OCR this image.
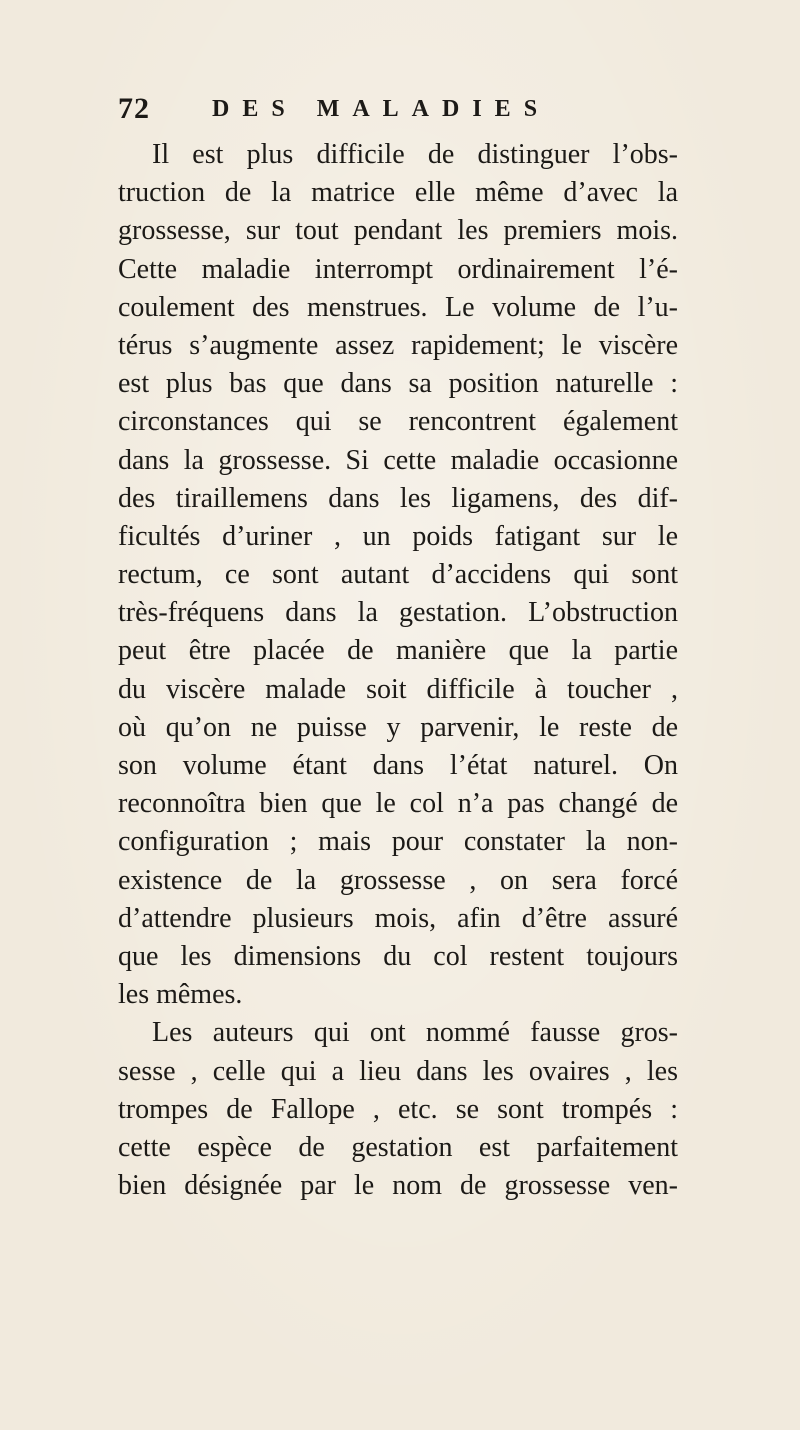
72	DES MALADIES
Il est plus difficile de distinguer l’obs-
truction de la matrice elle même d’avec la
grossesse, sur tout pendant les premiers mois.
Cette maladie interrompt ordinairement l’é-
coulement des menstrues. Le volume de l’u-
térus s’augmente assez rapidement; le viscère
est plus bas que dans sa position naturelle :
circonstances qui se rencontrent également
dans la grossesse. Si cette maladie occasionne
des tiraillemens dans les ligamens, des dif-
ficultés d’uriner , un poids fatigant sur le
rectum, ce sont autant d’accidens qui sont
très-fréquens dans la gestation. L’obstruction
peut être placée de manière que la partie
du viscère malade soit difficile à toucher ,
où qu’on ne puisse y parvenir, le reste de
son volume étant dans l’état naturel. On
reconnoîtra bien que le col n’a pas changé de
configuration ; mais pour constater la non-
existence de la grossesse , on sera forcé
d’attendre plusieurs mois, afin d’être assuré
que les dimensions du col restent toujours
les mêmes.
Les auteurs qui ont nommé fausse gros-
sesse , celle qui a lieu dans les ovaires , les
trompes de Fallope , etc. se sont trompés :
cette espèce de gestation est parfaitement
bien désignée par le nom de grossesse ven-
